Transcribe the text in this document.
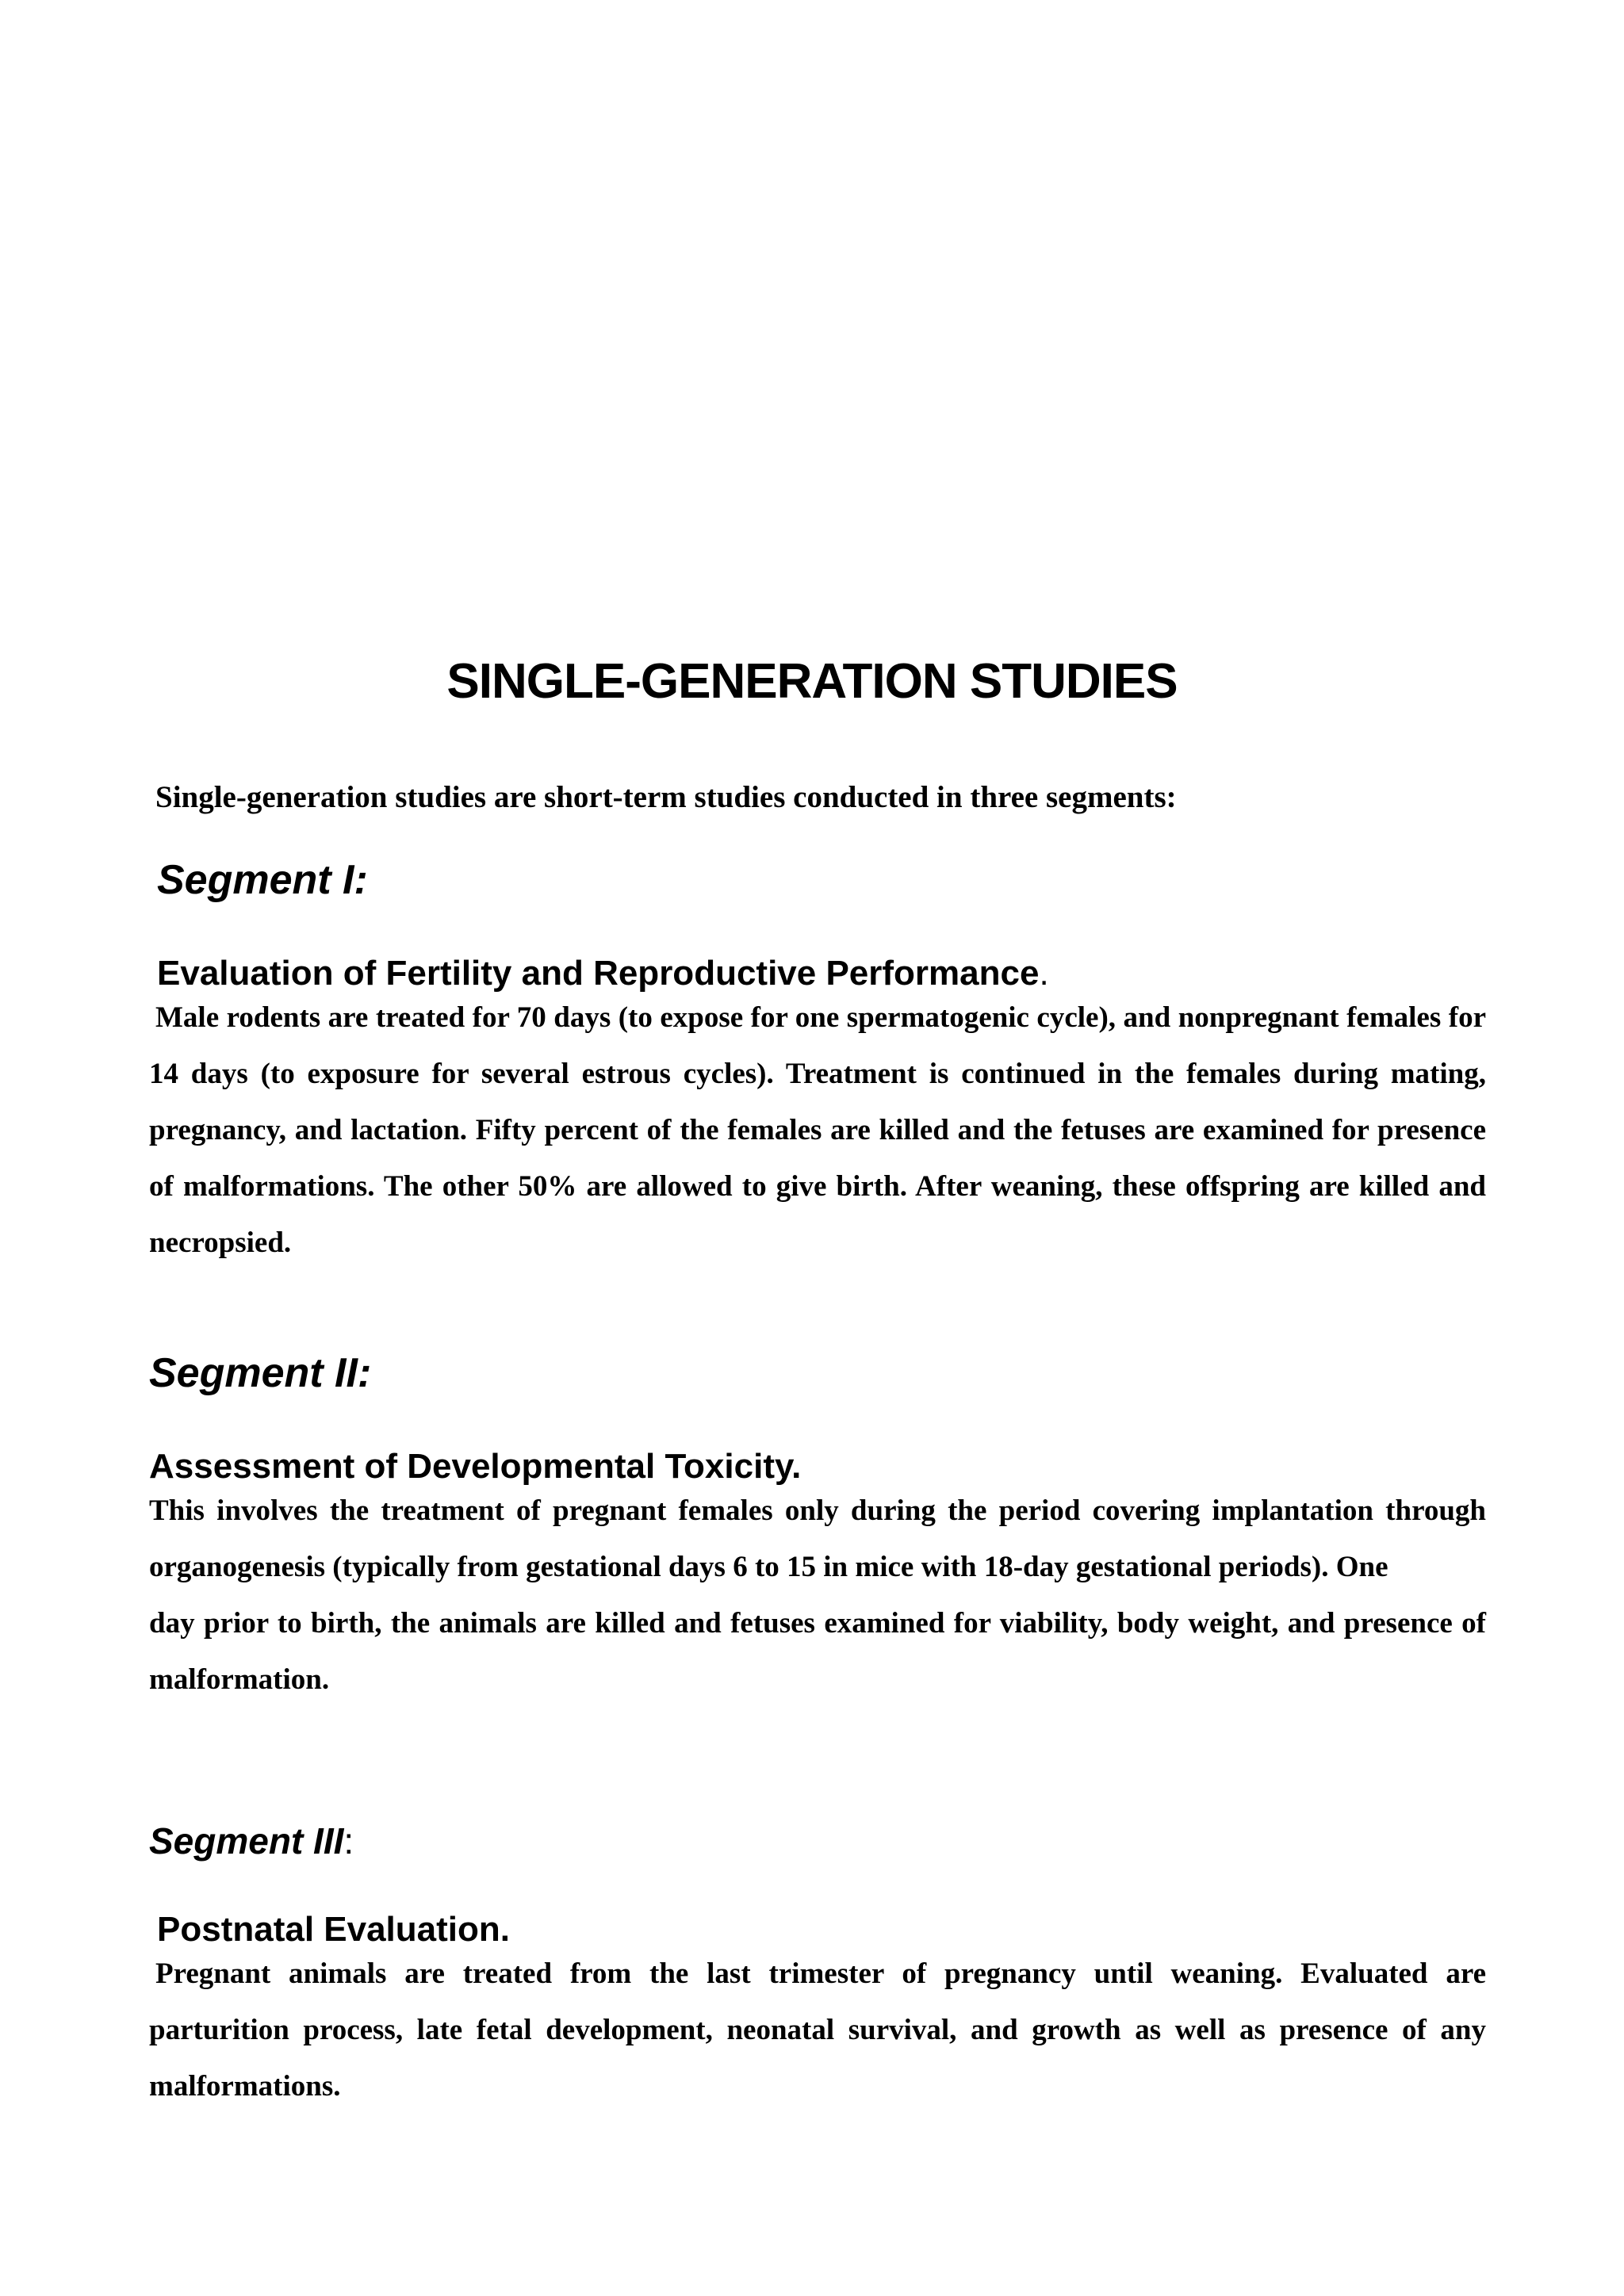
SINGLE-GENERATION STUDIES

Single-generation studies are short-term studies conducted in three segments:

Segment I:
Evaluation of Fertility and Reproductive Performance.

Male rodents are treated for 70 days (to expose for one spermatogenic cycle), and nonpregnant females for 14 days (to exposure for several estrous cycles). Treatment is continued in the females during mating, pregnancy, and lactation. Fifty percent of the females are killed and the fetuses are examined for presence of malformations. The other 50% are allowed to give birth. After weaning, these offspring are killed and necropsied.

Segment II:
Assessment of Developmental Toxicity.

This involves the treatment of pregnant females only during the period covering implantation through organogenesis (typically from gestational days 6 to 15 in mice with 18-day gestational periods). One

day prior to birth, the animals are killed and fetuses examined for viability, body weight, and presence of malformation.

Segment III:
Postnatal Evaluation.

Pregnant animals are treated from the last trimester of pregnancy until weaning. Evaluated are parturition process, late fetal development, neonatal survival, and growth as well as presence of any malformations.
